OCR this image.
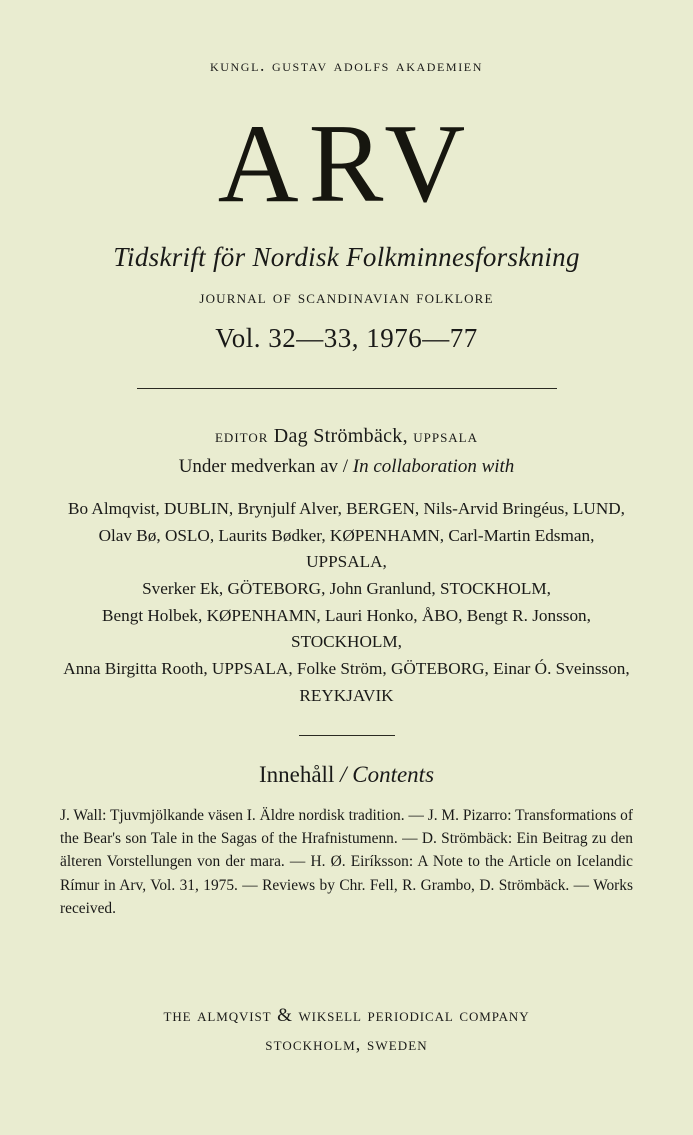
kungl. gustav adolfs akademien
ARV
Tidskrift för Nordisk Folkminnesforskning
journal of scandinavian folklore
Vol. 32—33, 1976—77
editor Dag Strömbäck, uppsala
Under medverkan av / In collaboration with
Bo Almqvist, DUBLIN, Brynjulf Alver, BERGEN, Nils-Arvid Bringéus, LUND,
Olav Bø, OSLO, Laurits Bødker, KØPENHAMN, Carl-Martin Edsman, UPPSALA,
Sverker Ek, GÖTEBORG, John Granlund, STOCKHOLM,
Bengt Holbek, KØPENHAMN, Lauri Honko, ÅBO, Bengt R. Jonsson, STOCKHOLM,
Anna Birgitta Rooth, UPPSALA, Folke Ström, GÖTEBORG, Einar Ó. Sveinsson, REYKJAVIK
Innehåll / Contents
J. Wall: Tjuvmjölkande väsen I. Äldre nordisk tradition. — J. M. Pizarro: Transformations of the Bear's son Tale in the Sagas of the Hrafnistumenn. — D. Strömbäck: Ein Beitrag zu den älteren Vorstellungen von der mara. — H. Ø. Eiríksson: A Note to the Article on Icelandic Rímur in Arv, Vol. 31, 1975. — Reviews by Chr. Fell, R. Grambo, D. Strömbäck. — Works received.
the almqvist & wiksell periodical company
stockholm, sweden
